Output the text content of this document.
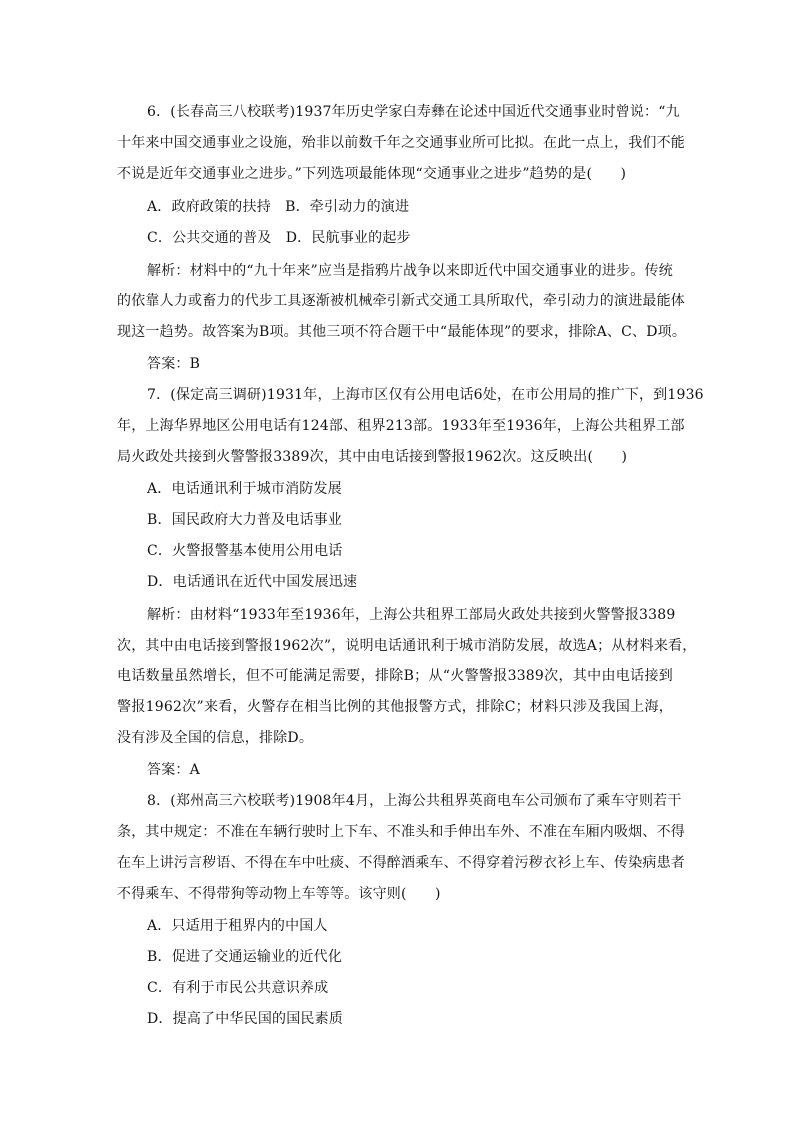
6．(长春高三八校联考)1937年历史学家白寿彝在论述中国近代交通事业时曾说：“九
十年来中国交通事业之设施，殆非以前数千年之交通事业所可比拟。在此一点上，我们不能
不说是近年交通事业之进步。”下列选项最能体现“交通事业之进步”趋势的是(　　)
A．政府政策的扶持　B．牵引动力的演进
C．公共交通的普及　D．民航事业的起步
解析：材料中的“九十年来”应当是指鸦片战争以来即近代中国交通事业的进步。传统
的依靠人力或畜力的代步工具逐渐被机械牵引新式交通工具所取代，牵引动力的演进最能体
现这一趋势。故答案为B项。其他三项不符合题干中“最能体现”的要求，排除A、C、D项。
答案：B
7．(保定高三调研)1931年，上海市区仅有公用电话6处，在市公用局的推广下，到1936
年，上海华界地区公用电话有124部、租界213部。1933年至1936年，上海公共租界工部
局火政处共接到火警警报3389次，其中由电话接到警报1962次。这反映出(　　)
A．电话通讯利于城市消防发展
B．国民政府大力普及电话事业
C．火警报警基本使用公用电话
D．电话通讯在近代中国发展迅速
解析：由材料“1933年至1936年，上海公共租界工部局火政处共接到火警警报3389
次，其中由电话接到警报1962次”，说明电话通讯利于城市消防发展，故选A；从材料来看，
电话数量虽然增长，但不可能满足需要，排除B；从“火警警报3389次，其中由电话接到
警报1962次”来看，火警存在相当比例的其他报警方式，排除C；材料只涉及我国上海，
没有涉及全国的信息，排除D。
答案：A
8．(郑州高三六校联考)1908年4月，上海公共租界英商电车公司颁布了乘车守则若干
条，其中规定：不准在车辆行驶时上下车、不准头和手伸出车外、不准在车厢内吸烟、不得
在车上讲污言秽语、不得在车中吐痰、不得醉酒乘车、不得穿着污秽衣衫上车、传染病患者
不得乘车、不得带狗等动物上车等等。该守则(　　)
A．只适用于租界内的中国人
B．促进了交通运输业的近代化
C．有利于市民公共意识养成
D．提高了中华民国的国民素质
